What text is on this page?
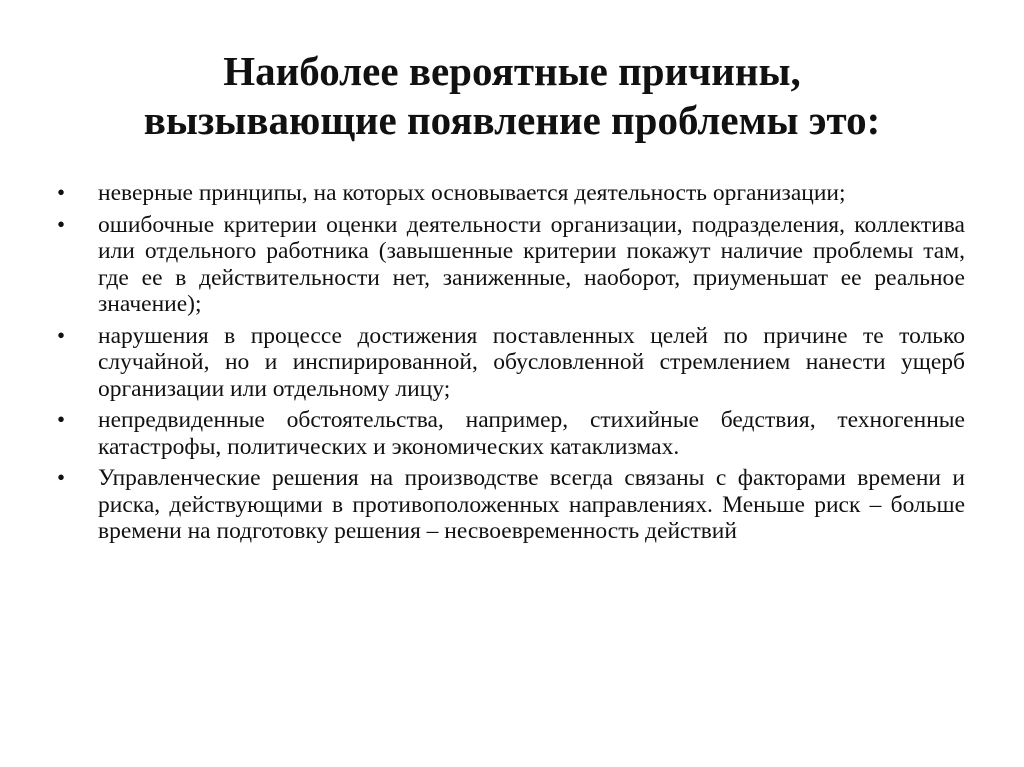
Наиболее вероятные причины,
вызывающие появление проблемы это:
•	неверные принципы, на которых основывается деятельность организации;
•	ошибочные критерии оценки деятельности организации, подразделения, коллектива или отдельного работника (завышенные критерии покажут наличие проблемы там, где ее в действительности нет, заниженные, наоборот, приуменьшат ее реальное значение);
•	нарушения в процессе достижения поставленных целей по причине те только случайной, но и инспирированной, обусловленной стремлением нанести ущерб организации или отдельному лицу;
•	непредвиденные обстоятельства, например, стихийные бедствия, техногенные катастрофы, политических и экономических катаклизмах.
•	Управленческие решения на производстве всегда связаны с факторами времени и риска, действующими в противоположенных направлениях. Меньше риск – больше времени на подготовку решения – несвоевременность действий
